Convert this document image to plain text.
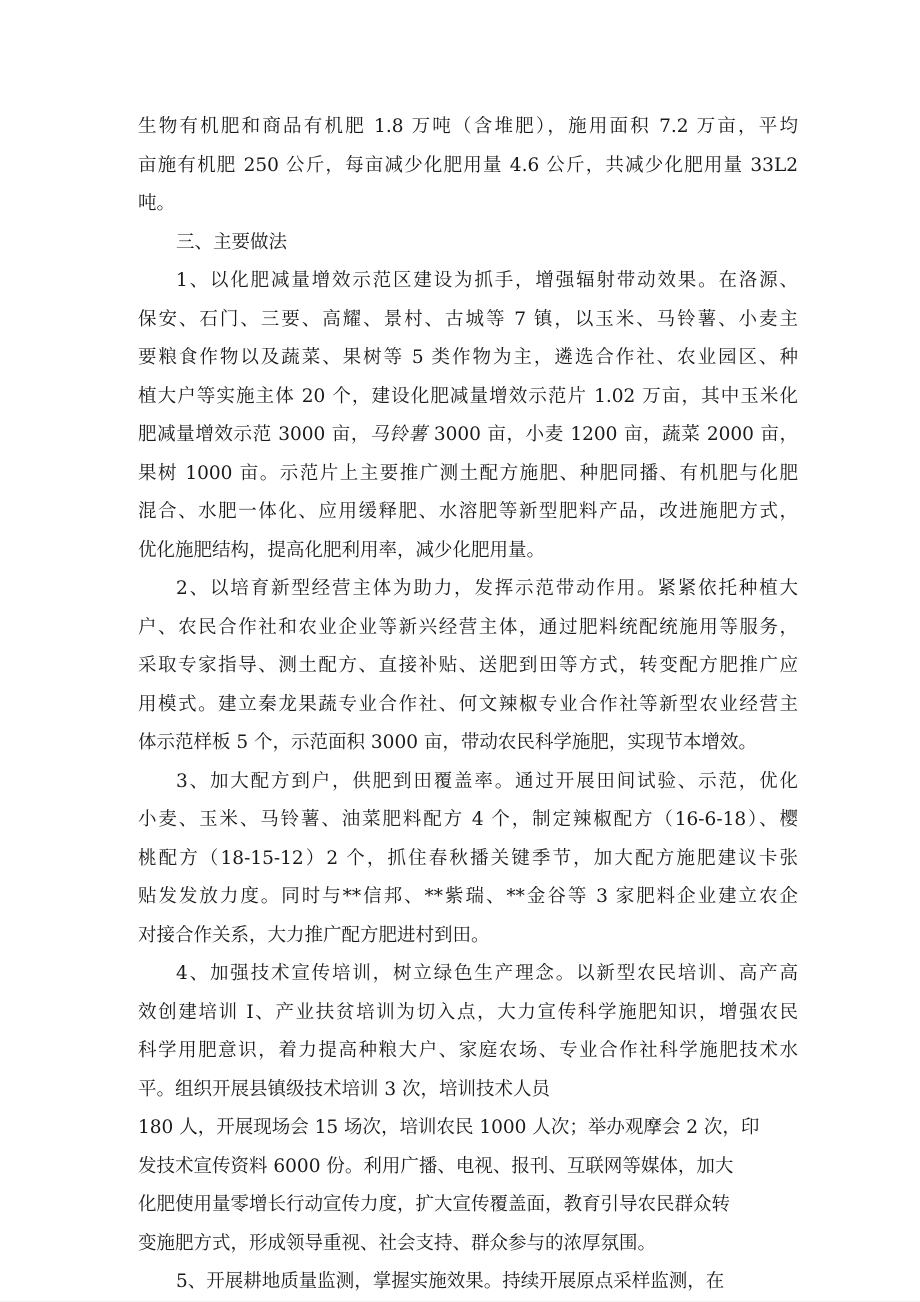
生物有机肥和商品有机肥 1.8 万吨（含堆肥），施用面积 7.2 万亩，平均
亩施有机肥 250 公斤，每亩减少化肥用量 4.6 公斤，共减少化肥用量 33L2
吨。
三、主要做法
1、以化肥减量增效示范区建设为抓手，增强辐射带动效果。在洛源、
保安、石门、三要、高耀、景村、古城等 7 镇，以玉米、马铃薯、小麦主
要粮食作物以及蔬菜、果树等 5 类作物为主，遴选合作社、农业园区、种
植大户等实施主体 20 个，建设化肥减量增效示范片 1.02 万亩，其中玉米化
肥减量增效示范 3000 亩，马铃薯 3000 亩，小麦 1200 亩，蔬菜 2000 亩，
果树 1000 亩。示范片上主要推广测土配方施肥、种肥同播、有机肥与化肥
混合、水肥一体化、应用缓释肥、水溶肥等新型肥料产品，改进施肥方式，
优化施肥结构，提高化肥利用率，减少化肥用量。
2、以培育新型经营主体为助力，发挥示范带动作用。紧紧依托种植大
户、农民合作社和农业企业等新兴经营主体，通过肥料统配统施用等服务，
采取专家指导、测土配方、直接补贴、送肥到田等方式，转变配方肥推广应
用模式。建立秦龙果蔬专业合作社、何文辣椒专业合作社等新型农业经营主
体示范样板 5 个，示范面积 3000 亩，带动农民科学施肥，实现节本增效。
3、加大配方到户，供肥到田覆盖率。通过开展田间试验、示范，优化
小麦、玉米、马铃薯、油菜肥料配方 4 个，制定辣椒配方（16-6-18）、樱
桃配方（18-15-12）2 个，抓住春秋播关键季节，加大配方施肥建议卡张
贴发发放力度。同时与**信邦、**紫瑞、**金谷等 3 家肥料企业建立农企
对接合作关系，大力推广配方肥进村到田。
4、加强技术宣传培训，树立绿色生产理念。以新型农民培训、高产高
效创建培训 I、产业扶贫培训为切入点，大力宣传科学施肥知识，增强农民
科学用肥意识，着力提高种粮大户、家庭农场、专业合作社科学施肥技术水
平。组织开展县镇级技术培训 3 次，培训技术人员
180 人，开展现场会 15 场次，培训农民 1000 人次；举办观摩会 2 次，印
发技术宣传资料 6000 份。利用广播、电视、报刊、互联网等媒体，加大
化肥使用量零增长行动宣传力度，扩大宣传覆盖面，教育引导农民群众转
变施肥方式，形成领导重视、社会支持、群众参与的浓厚氛围。
5、开展耕地质量监测，掌握实施效果。持续开展原点采样监测，在
